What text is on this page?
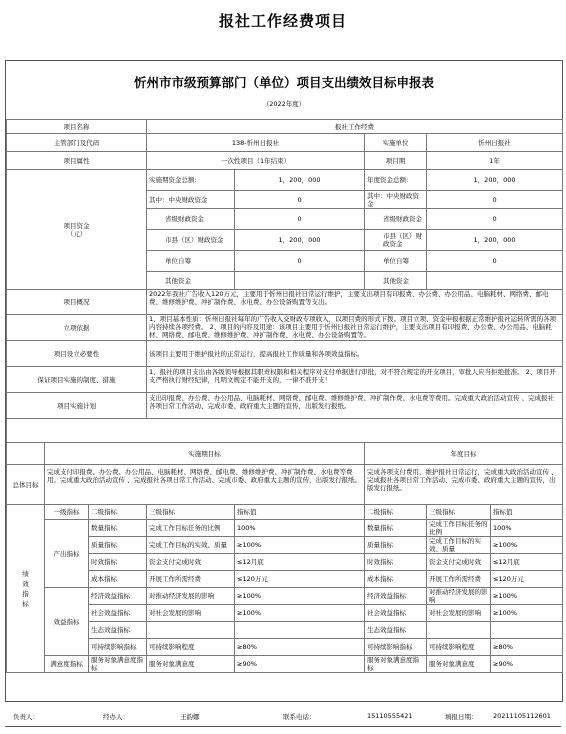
报社工作经费项目
忻州市市级预算部门（单位）项目支出绩效目标申报表
（2022年度）
项目名称			报社工作经费				
主管部门及代码			138-忻州日报社		实施单位	忻州日报社	
项目属性			一次性项目（1年结束）		项目期	1年	

项目资金
（元）			实施期资金总额:	1，200，000	年度资金总额:	1，200，000	
			其中：中央财政资金	0	其中：中央财政资金	0	
			省级财政资金	0	省级财政资金	0	
			市县（区）财政资金	1，200，000	市县（区）财政资金	1，200，000	
			单位自筹	0	单位自筹	0	
			其他资金		其他资金		
项目概况			2022年我社广告收入120万元，主要用于忻州日报社日常运行维护，主要支出项目有印报费、办公费、办公用品、电脑耗材、网络费、邮电费、维修维护费、冲扩制作费、水电费、办公设备购置等支出。				

立项依据			1、项目基本性质：忻州日报社每年的广告收入交财政专项收入，以项目费的形式下拨。项目立项、资金申报根据正常维护报社运转所需的各项内容持续各项经费。 2、项目的内容及用途：该项目主要用于忻州日报社日常运行维护，主要支出项目有印报费、办公费、办公用品、电脑耗材、网络费、邮电费、维修维护费、冲扩制作费、水电费、办公设备购置等。				

项目设立必要性			该项目主要用于维护报社的正常运行，提高报社工作质量和各项效益指标。				
保证项目实施的制度、措施			1、报社的项目支出由各级领导根据其职责权限和相关程序对支付单据进行审批，对不符合规定的开支项目，审批人应当拒绝批准。 2、项目开支严格执行财经纪律，凡明文规定不能开支的，一律不准开支！				

项目实施计划			支出印报费、办公费、办公用品、电脑耗材、网络费、邮电费、维修维护费、冲扩制作费、水电费等费用。完成重大政治活动宣传 、完成报社各项日常工作活动、完成市委、政府重大主题的宣传，出版发行报纸。				

	实施期目标				年度目标		
总体目标	完成支付印报费、办公费、办公用品、电脑耗材、网络费、邮电费、维修维护费、冲扩制作费、水电费等费用。完成重大政治活动宣传 、完成报社各项日常工作活动、完成市委、政府重大主题的宣传，出版发行报纸。				完成各项支付费用，维护报社日常运行，完成重大政治活动宣传 、完成报社各项日常工作活动、完成市委、政府重大主题的宣传，出版发行报纸。		

绩效指标	一级指标	二级指标	三级指标	指标值	二级指标	三级指标	指标值
	产出指标	数量指标	完成工作目标任务的比例	100%	数量指标	完成工作目标任务的比例	100%
		质量指标	完成工作目标的实效、质量	≥100%	质量指标	完成工作目标的实效、质量	≥100%
		时效指标	资金支付完成时效	≤12月底	时效指标	资金支付完成时效	≤12月底
		成本指标	开展工作所需经费	≤120万元	成本指标	开展工作所需经费	≤120万元
	效益指标	经济效益指标	对推动经济发展的影响	≥100%	经济效益指标	对推动经济发展的影响	≥100%
		社会效益指标	对社会发展的影响	≥100%	社会效益指标	对社会发展的影响	≥100%
		生态效益指标			生态效益指标		
		可持续影响指标	可持续影响程度	≥80%	可持续影响指标	可持续影响程度	≥80%
	满意度指标	服务对象满意度指标	服务对象满意度	≥90%	服务对象满意度指标	服务对象满意度	≥90%
负责人：	经办人：	王韵娜	联系电话：	15110555421	填报日期： 20211105112601
